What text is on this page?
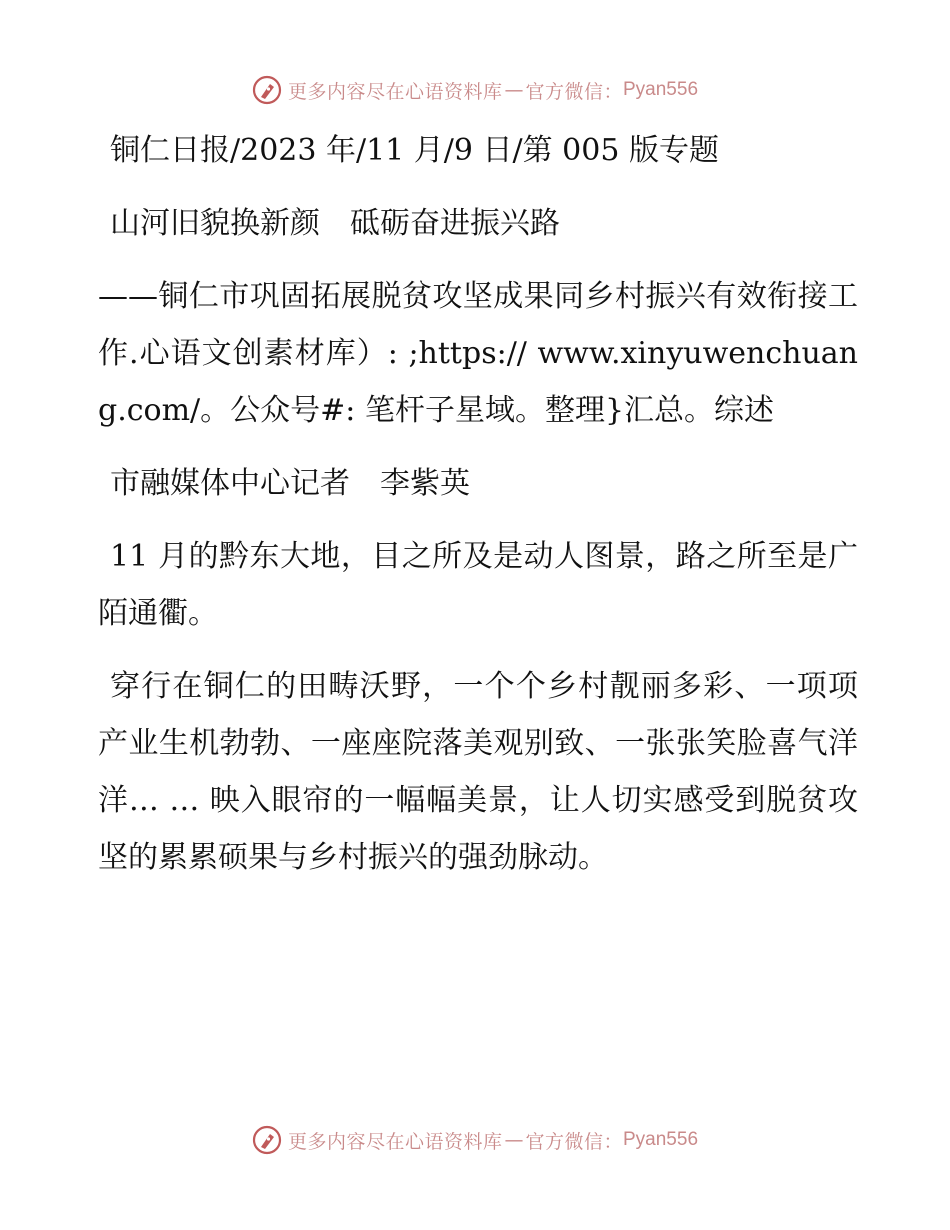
更多内容尽在心语资料库 — 官方微信： Pyan556

铜仁日报/2023 年/11 月/9 日/第 005 版专题

山河旧貌换新颜　砥砺奋进振兴路

——铜仁市巩固拓展脱贫攻坚成果同乡村振兴有效衔接工作.心语文创素材库）: ;https:// www.xinyuwenchuang.com/。公众号#: 笔杆子星域。整理}汇总。综述

市融媒体中心记者　李紫英

11 月的黔东大地，目之所及是动人图景，路之所至是广陌通衢。

穿行在铜仁的田畴沃野，一个个乡村靓丽多彩、一项项产业生机勃勃、一座座院落美观别致、一张张笑脸喜气洋洋… … 映入眼帘的一幅幅美景，让人切实感受到脱贫攻坚的累累硕果与乡村振兴的强劲脉动。

更多内容尽在心语资料库 — 官方微信： Pyan556
